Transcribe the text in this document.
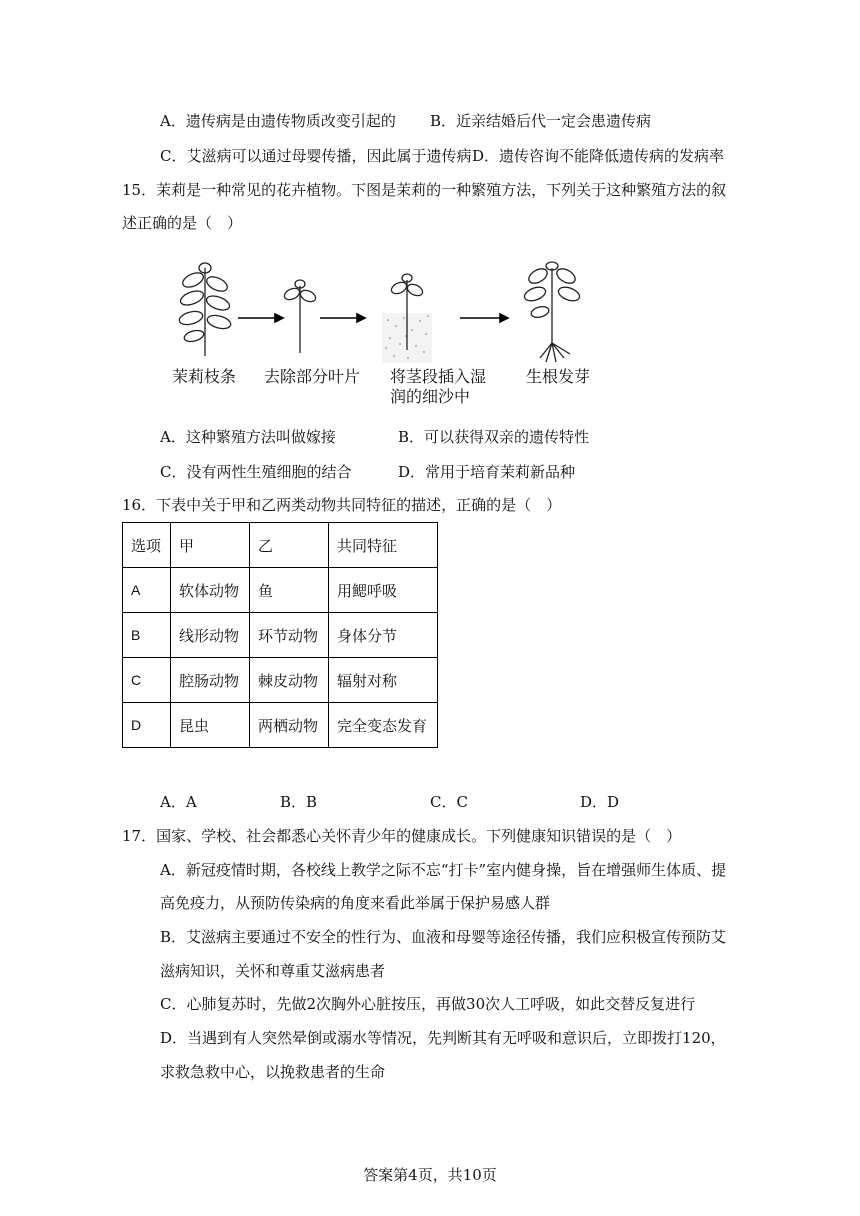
A．遗传病是由遗传物质改变引起的 B．近亲结婚后代一定会患遗传病
C．艾滋病可以通过母婴传播，因此属于遗传病 D．遗传咨询不能降低遗传病的发病率
15．茉莉是一种常见的花卉植物。下图是茉莉的一种繁殖方法，下列关于这种繁殖方法的叙
述正确的是（　）
茉莉枝条 去除部分叶片 将茎段插入湿
润的细沙中
生根发芽
A．这种繁殖方法叫做嫁接	B．可以获得双亲的遗传特性
C．没有两性生殖细胞的结合	D．常用于培育茉莉新品种
16．下表中关于甲和乙两类动物共同特征的描述，正确的是（　）
选项	甲	乙	共同特征
A	软体动物	鱼	用鳃呼吸
B	线形动物	环节动物	身体分节
C	腔肠动物	棘皮动物	辐射对称
D	昆虫	两栖动物	完全变态发育
A．A	B．B	C．C	D．D
17．国家、学校、社会都悉心关怀青少年的健康成长。下列健康知识错误的是（　）
A．新冠疫情时期，各校线上教学之际不忘“打卡”室内健身操，旨在增强师生体质、提
高免疫力，从预防传染病的角度来看此举属于保护易感人群
B．艾滋病主要通过不安全的性行为、血液和母婴等途径传播，我们应积极宣传预防艾
滋病知识，关怀和尊重艾滋病患者
C．心肺复苏时，先做2次胸外心脏按压，再做30次人工呼吸，如此交替反复进行
D．当遇到有人突然晕倒或溺水等情况，先判断其有无呼吸和意识后，立即拨打120，
求救急救中心，以挽救患者的生命
答案第4页，共10页
